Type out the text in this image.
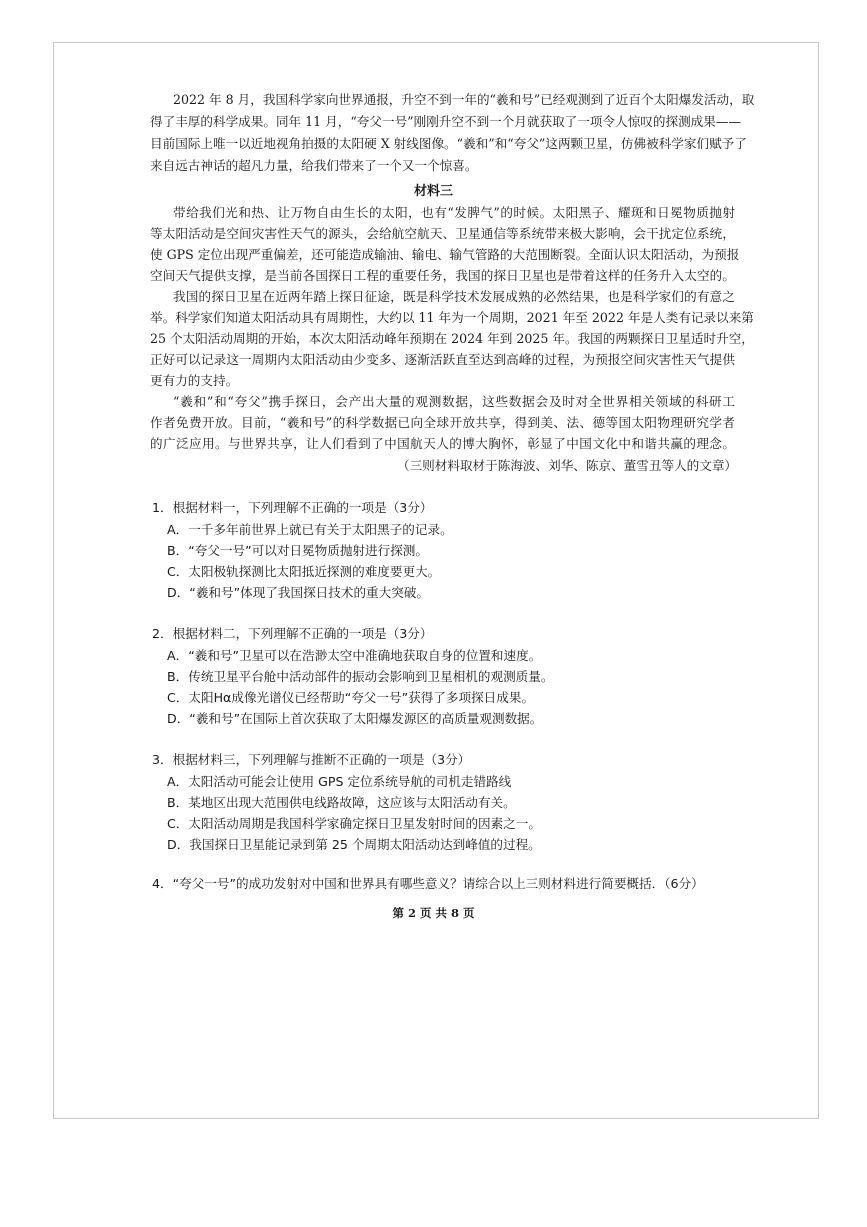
2022 年 8 月，我国科学家向世界通报，升空不到一年的“羲和号”已经观测到了近百个太阳爆发活动，取
得了丰厚的科学成果。同年 11 月，“夸父一号”刚刚升空不到一个月就获取了一项令人惊叹的探测成果——
目前国际上唯一以近地视角拍摄的太阳硬 X 射线图像。“羲和”和“夸父”这两颗卫星，仿佛被科学家们赋予了
来自远古神话的超凡力量，给我们带来了一个又一个惊喜。
材料三
带给我们光和热、让万物自由生长的太阳，也有“发脾气”的时候。太阳黑子、耀斑和日冕物质抛射
等太阳活动是空间灾害性天气的源头，会给航空航天、卫星通信等系统带来极大影响，会干扰定位系统，
使 GPS 定位出现严重偏差，还可能造成输油、输电、输气管路的大范围断裂。全面认识太阳活动，为预报
空间天气提供支撑，是当前各国探日工程的重要任务，我国的探日卫星也是带着这样的任务升入太空的。
我国的探日卫星在近两年踏上探日征途，既是科学技术发展成熟的必然结果，也是科学家们的有意之
举。科学家们知道太阳活动具有周期性，大约以 11 年为一个周期，2021 年至 2022 年是人类有记录以来第
25 个太阳活动周期的开始，本次太阳活动峰年预期在 2024 年到 2025 年。我国的两颗探日卫星适时升空，
正好可以记录这一周期内太阳活动由少变多、逐渐活跃直至达到高峰的过程，为预报空间灾害性天气提供
更有力的支持。
“羲和”和“夸父”携手探日，会产出大量的观测数据，这些数据会及时对全世界相关领域的科研工
作者免费开放。目前，“羲和号”的科学数据已向全球开放共享，得到美、法、德等国太阳物理研究学者
的广泛应用。与世界共享，让人们看到了中国航天人的博大胸怀，彰显了中国文化中和谐共赢的理念。
（三则材料取材于陈海波、刘华、陈京、董雪丑等人的文章）
1．根据材料一，下列理解不正确的一项是（3分）
A．一千多年前世界上就已有关于太阳黑子的记录。
B．“夸父一号”可以对日冕物质抛射进行探测。
C．太阳极轨探测比太阳抵近探测的难度要更大。
D．“羲和号”体现了我国探日技术的重大突破。
2．根据材料二，下列理解不正确的一项是（3分）
A．“羲和号”卫星可以在浩渺太空中准确地获取自身的位置和速度。
B．传统卫星平台舱中活动部件的振动会影响到卫星相机的观测质量。
C．太阳Hα成像光谱仪已经帮助“夸父一号”获得了多项探日成果。
D．“羲和号”在国际上首次获取了太阳爆发源区的高质量观测数据。
3．根据材料三，下列理解与推断不正确的一项是（3分）
A．太阳活动可能会让使用 GPS 定位系统导航的司机走错路线
B．某地区出现大范围供电线路故障，这应该与太阳活动有关。
C．太阳活动周期是我国科学家确定探日卫星发射时间的因素之一。
D．我国探日卫星能记录到第 25 个周期太阳活动达到峰值的过程。
4．“夸父一号”的成功发射对中国和世界具有哪些意义？请综合以上三则材料进行简要概括．（6分）
第 2 页 共 8 页
